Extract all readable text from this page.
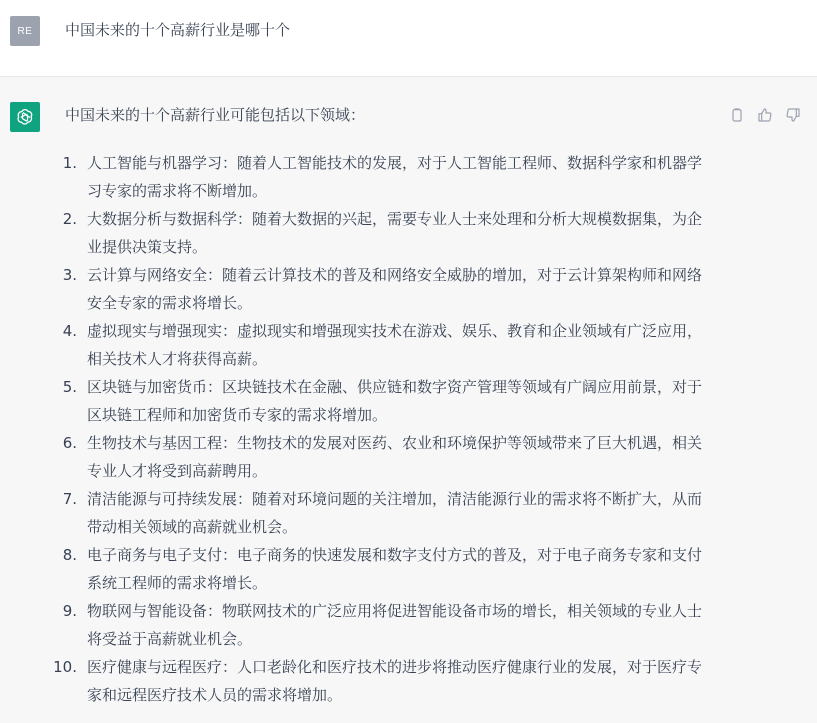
RE	中国未来的十个高薪行业是哪十个

中国未来的十个高薪行业可能包括以下领域：

1. 人工智能与机器学习：随着人工智能技术的发展，对于人工智能工程师、数据科学家和机器学习专家的需求将不断增加。
2. 大数据分析与数据科学：随着大数据的兴起，需要专业人士来处理和分析大规模数据集，为企业提供决策支持。
3. 云计算与网络安全：随着云计算技术的普及和网络安全威胁的增加，对于云计算架构师和网络安全专家的需求将增长。
4. 虚拟现实与增强现实：虚拟现实和增强现实技术在游戏、娱乐、教育和企业领域有广泛应用，相关技术人才将获得高薪。
5. 区块链与加密货币：区块链技术在金融、供应链和数字资产管理等领域有广阔应用前景，对于区块链工程师和加密货币专家的需求将增加。
6. 生物技术与基因工程：生物技术的发展对医药、农业和环境保护等领域带来了巨大机遇，相关专业人才将受到高薪聘用。
7. 清洁能源与可持续发展：随着对环境问题的关注增加，清洁能源行业的需求将不断扩大，从而带动相关领域的高薪就业机会。
8. 电子商务与电子支付：电子商务的快速发展和数字支付方式的普及，对于电子商务专家和支付系统工程师的需求将增长。
9. 物联网与智能设备：物联网技术的广泛应用将促进智能设备市场的增长，相关领域的专业人士将受益于高薪就业机会。
10. 医疗健康与远程医疗：人口老龄化和医疗技术的进步将推动医疗健康行业的发展，对于医疗专家和远程医疗技术人员的需求将增加。
